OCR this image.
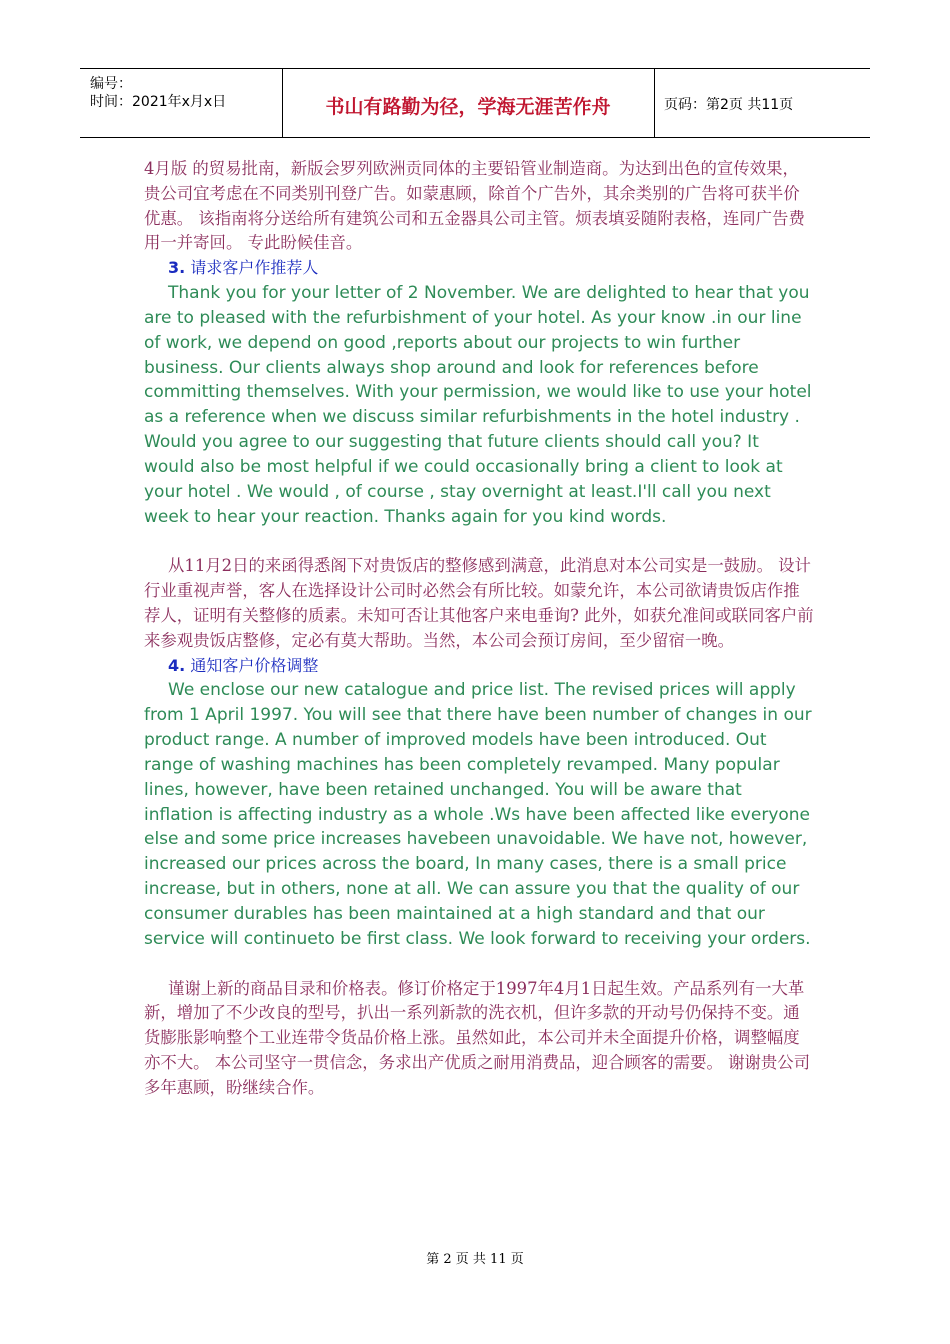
编号：
时间：2021年x月x日	书山有路勤为径，学海无涯苦作舟	页码：第2页 共11页

4月版 的贸易批南，新版会罗列欧洲贡同体的主要铅管业制造商。为达到出色的宣传效果，贵公司宜考虑在不同类别刊登广告。如蒙惠顾，除首个广告外，其余类别的广告将可获半价优惠。 该指南将分送给所有建筑公司和五金器具公司主管。烦表填妥随附表格，连同广告费用一并寄回。 专此盼候佳音。

3. 请求客户作推荐人

Thank you for your letter of 2 November. We are delighted to hear that you are to pleased with the refurbishment of your hotel. As your know .in our line of work, we depend on good ,reports about our projects to win further business. Our clients always shop around and look for references before committing themselves. With your permission, we would like to use your hotel as a reference when we discuss similar refurbishments in the hotel industry . Would you agree to our suggesting that future clients should call you? It would also be most helpful if we could occasionally bring a client to look at your hotel . We would , of course , stay overnight at least.I'll call you next week to hear your reaction. Thanks again for you kind words.

从11月2日的来函得悉阁下对贵饭店的整修感到满意，此消息对本公司实是一鼓励。 设计行业重视声誉，客人在选择设计公司时必然会有所比较。如蒙允许，本公司欲请贵饭店作推荐人，证明有关整修的质素。未知可否让其他客户来电垂询? 此外，如获允准间或联同客户前来参观贵饭店整修，定必有莫大帮助。当然，本公司会预订房间，至少留宿一晚。

4. 通知客户价格调整

We enclose our new catalogue and price list. The revised prices will apply from 1 April 1997. You will see that there have been number of changes in our product range. A number of improved models have been introduced. Out range of washing machines has been completely revamped. Many popular lines, however, have been retained unchanged. You will be aware that inflation is affecting industry as a whole .Ws have been affected like everyone else and some price increases havebeen unavoidable. We have not, however, increased our prices across the board, In many cases, there is a small price increase, but in others, none at all. We can assure you that the quality of our consumer durables has been maintained at a high standard and that our service will continueto be first class. We look forward to receiving your orders.

谨谢上新的商品目录和价格表。修订价格定于1997年4月1日起生效。产品系列有一大革新，增加了不少改良的型号，扒出一系列新款的洗衣机，但许多款的开动号仍保持不变。通货膨胀影响整个工业连带令货品价格上涨。虽然如此，本公司并未全面提升价格，调整幅度亦不大。 本公司坚守一贯信念，务求出产优质之耐用消费品，迎合顾客的需要。 谢谢贵公司多年惠顾，盼继续合作。

第 2 页 共 11 页
